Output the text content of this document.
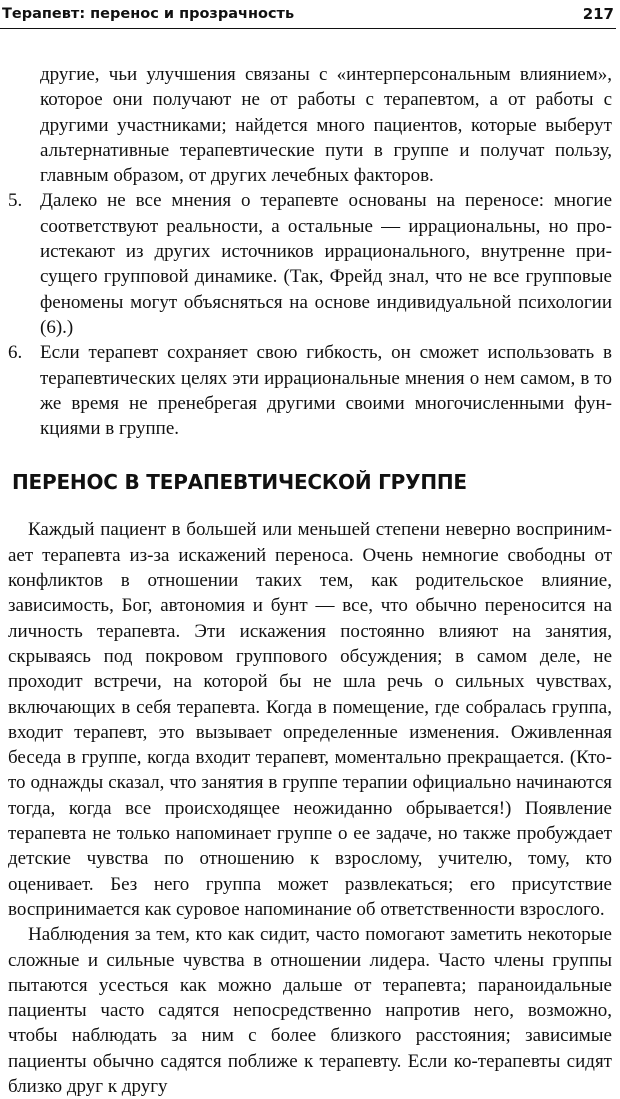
Терапевт: перенос и прозрачность	217

другие, чьи улучшения связаны с «интерперсональным влиянием», которое они получают не от работы с терапевтом, а от работы с другими участниками; найдется много пациентов, которые выберут альтернативные терапевтические пути в группе и получат пользу, главным образом, от других лечебных факторов.

5. Далеко не все мнения о терапевте основаны на переносе: многие соответствуют реальности, а остальные — иррациональны, но проистекают из других источников иррационального, внутренне присущего групповой динамике. (Так, Фрейд знал, что не все групповые феномены могут объясняться на основе индивидуальной психологии (6).)

6. Если терапевт сохраняет свою гибкость, он сможет использовать в терапевтических целях эти иррациональные мнения о нем самом, в то же время не пренебрегая другими своими многочисленными функциями в группе.

ПЕРЕНОС В ТЕРАПЕВТИЧЕСКОЙ ГРУППЕ

Каждый пациент в большей или меньшей степени неверно воспринимает терапевта из-за искажений переноса. Очень немногие свободны от конфликтов в отношении таких тем, как родительское влияние, зависимость, Бог, автономия и бунт — все, что обычно переносится на личность терапевта. Эти искажения постоянно влияют на занятия, скрываясь под покровом группового обсуждения; в самом деле, не проходит встречи, на которой бы не шла речь о сильных чувствах, включающих в себя терапевта. Когда в помещение, где собралась группа, входит терапевт, это вызывает определенные изменения. Оживленная беседа в группе, когда входит терапевт, моментально прекращается. (Кто-то однажды сказал, что занятия в группе терапии официально начинаются тогда, когда все происходящее неожиданно обрывается!) Появление терапевта не только напоминает группе о ее задаче, но также пробуждает детские чувства по отношению к взрослому, учителю, тому, кто оценивает. Без него группа может развлекаться; его присутствие воспринимается как суровое напоминание об ответственности взрослого.

Наблюдения за тем, кто как сидит, часто помогают заметить некоторые сложные и сильные чувства в отношении лидера. Часто члены группы пытаются усесться как можно дальше от терапевта; параноидальные пациенты часто садятся непосредственно напротив него, возможно, чтобы наблюдать за ним с более близкого расстояния; зависимые пациенты обычно садятся поближе к терапевту. Если ко-терапевты сидят близко друг к другу
